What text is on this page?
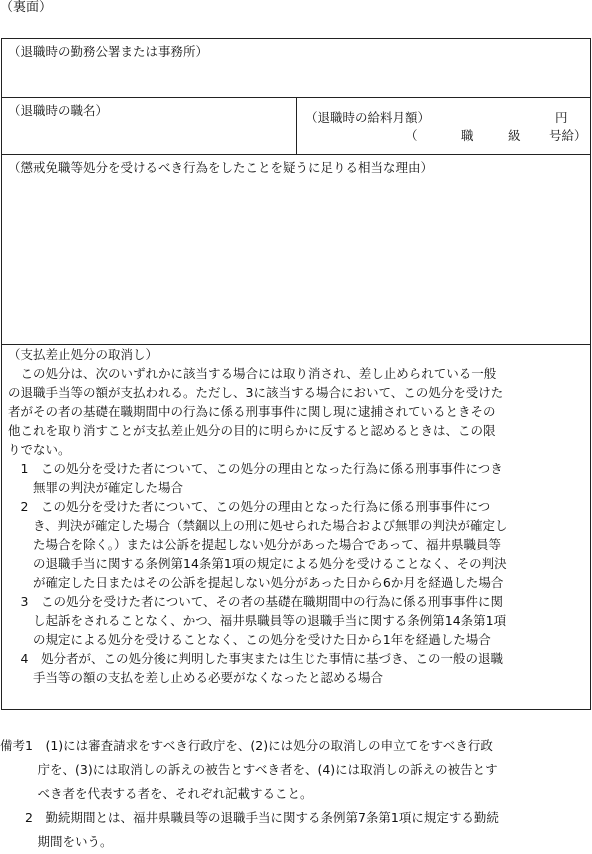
（裏面）
（退職時の勤務公署または事務所）
（退職時の職名）	（退職時の給料月額）	円
（	職	級 号給）
（懲戒免職等処分を受けるべき行為をしたことを疑うに足りる相当な理由）
（支払差止処分の取消し）
　この処分は、次のいずれかに該当する場合には取り消され、差し止められている一般
の退職手当等の額が支払われる。ただし、3に該当する場合において、この処分を受けた
者がその者の基礎在職期間中の行為に係る刑事事件に関し現に逮捕されているときその
他これを取り消すことが支払差止処分の目的に明らかに反すると認めるときは、この限
りでない。
　1　この処分を受けた者について、この処分の理由となった行為に係る刑事事件につき
　　無罪の判決が確定した場合
　2　この処分を受けた者について、この処分の理由となった行為に係る刑事事件につ
　　き、判決が確定した場合（禁錮以上の刑に処せられた場合および無罪の判決が確定し
　　た場合を除く。）または公訴を提起しない処分があった場合であって、福井県職員等
　　の退職手当に関する条例第14条第1項の規定による処分を受けることなく、その判決
　　が確定した日またはその公訴を提起しない処分があった日から6か月を経過した場合
　3　この処分を受けた者について、その者の基礎在職期間中の行為に係る刑事事件に関
　　し起訴をされることなく、かつ、福井県職員等の退職手当に関する条例第14条第1項
　　の規定による処分を受けることなく、この処分を受けた日から1年を経過した場合
　4　処分者が、この処分後に判明した事実または生じた事情に基づき、この一般の退職
　　手当等の額の支払を差し止める必要がなくなったと認める場合
備考1　(1)には審査請求をすべき行政庁を、(2)には処分の取消しの申立てをすべき行政
　　　庁を、(3)には取消しの訴えの被告とすべき者を、(4)には取消しの訴えの被告とす
　　　べき者を代表する者を、それぞれ記載すること。
　　2　勤続期間とは、福井県職員等の退職手当に関する条例第7条第1項に規定する勤続
　　　期間をいう。
